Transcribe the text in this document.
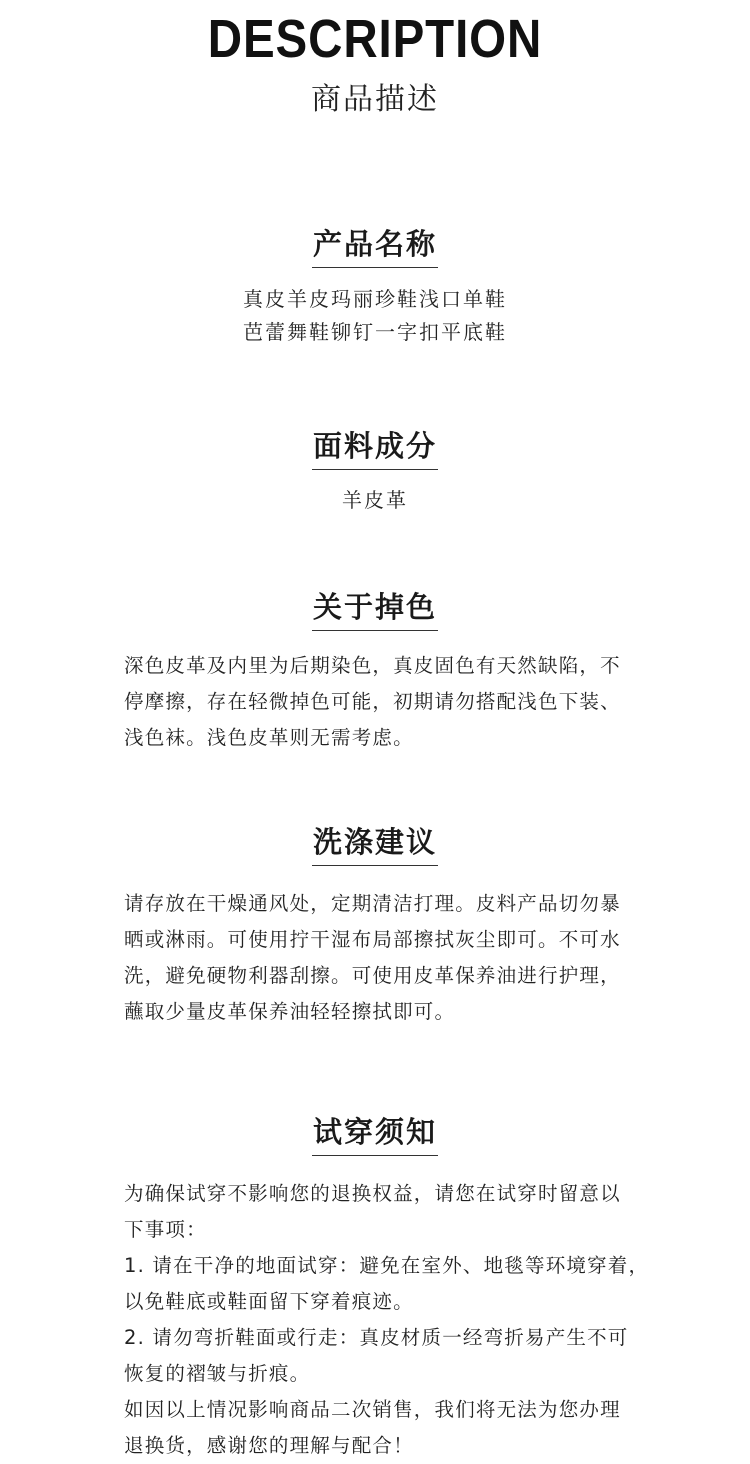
DESCRIPTION
商品描述
产品名称
真皮羊皮玛丽珍鞋浅口单鞋
芭蕾舞鞋铆钉一字扣平底鞋
面料成分
羊皮革
关于掉色
深色皮革及内里为后期染色，真皮固色有天然缺陷，不
停摩擦，存在轻微掉色可能，初期请勿搭配浅色下装、
浅色袜。浅色皮革则无需考虑。
洗涤建议
请存放在干燥通风处，定期清洁打理。皮料产品切勿暴
晒或淋雨。可使用拧干湿布局部擦拭灰尘即可。不可水
洗，避免硬物利器刮擦。可使用皮革保养油进行护理，
蘸取少量皮革保养油轻轻擦拭即可。
试穿须知
为确保试穿不影响您的退换权益，请您在试穿时留意以
下事项：
1. 请在干净的地面试穿：避免在室外、地毯等环境穿着，
以免鞋底或鞋面留下穿着痕迹。
2. 请勿弯折鞋面或行走：真皮材质一经弯折易产生不可
恢复的褶皱与折痕。
如因以上情况影响商品二次销售，我们将无法为您办理
退换货，感谢您的理解与配合！
